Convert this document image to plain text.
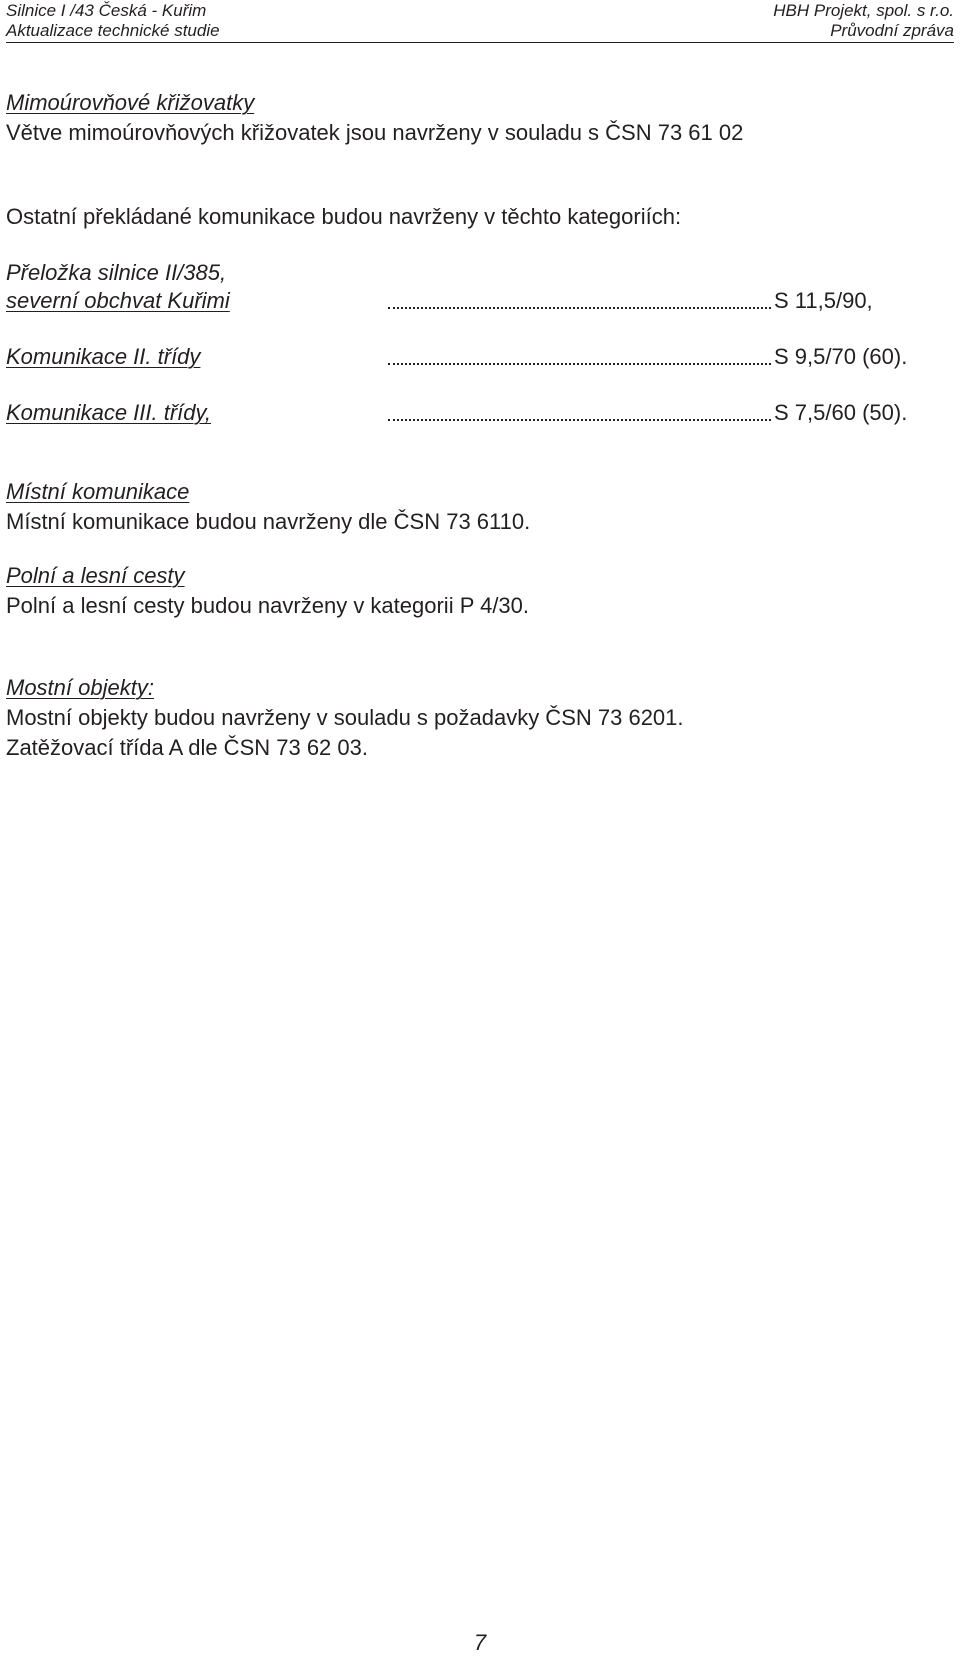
Silnice I /43 Česká - Kuřim
Aktualizace technické studie
HBH Projekt, spol. s r.o.
Průvodní zpráva
Mimoúrovňové křižovatky
Větve mimoúrovňových křižovatek jsou navrženy v souladu s ČSN 73 61 02
Ostatní překládané komunikace budou navrženy v těchto kategoriích:
Přeložka silnice II/385,
severní obchvat Kuřimi	S 11,5/90,
Komunikace II. třídy	S 9,5/70 (60).
Komunikace III. třídy,	S 7,5/60 (50).
Místní komunikace
Místní komunikace budou navrženy dle ČSN 73 6110.
Polní a lesní cesty
Polní a lesní cesty budou navrženy v kategorii P 4/30.
Mostní objekty:
Mostní objekty budou navrženy v souladu s požadavky ČSN 73 6201.
Zatěžovací třída A dle ČSN 73 62 03.
7
